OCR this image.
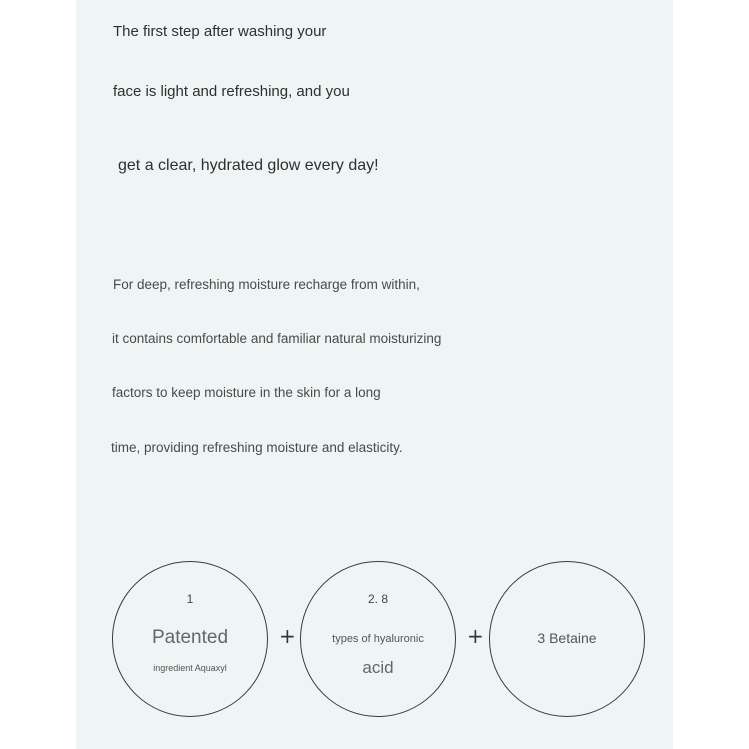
The first step after washing your

face is light and refreshing, and you

get a clear, hydrated glow every day!

For deep, refreshing moisture recharge from within,

it contains comfortable and familiar natural moisturizing

factors to keep moisture in the skin for a long

time, providing refreshing moisture and elasticity.

1
Patented
ingredient Aquaxyl
+
2. 8
types of hyaluronic
acid
+	3 Betaine
